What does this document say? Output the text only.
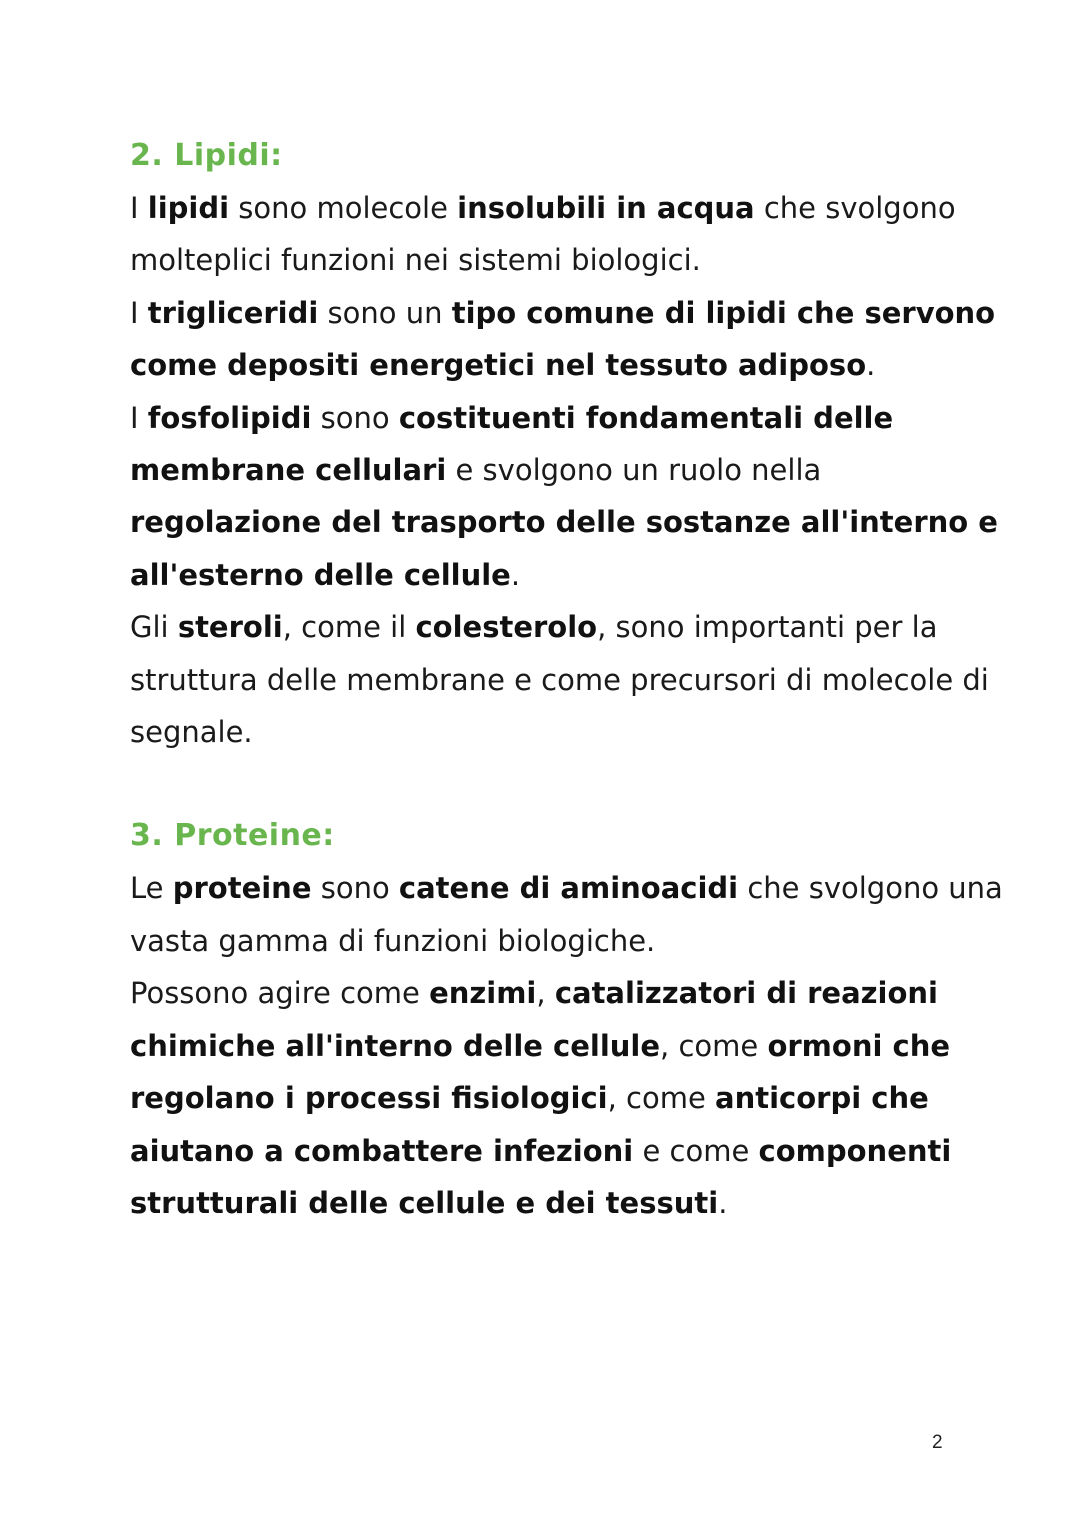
2. Lipidi:

I lipidi sono molecole insolubili in acqua che svolgono molteplici funzioni nei sistemi biologici.

I trigliceridi sono un tipo comune di lipidi che servono come depositi energetici nel tessuto adiposo.

I fosfolipidi sono costituenti fondamentali delle membrane cellulari e svolgono un ruolo nella regolazione del trasporto delle sostanze all'interno e all'esterno delle cellule.

Gli steroli, come il colesterolo, sono importanti per la struttura delle membrane e come precursori di molecole di segnale.

3. Proteine:

Le proteine sono catene di aminoacidi che svolgono una vasta gamma di funzioni biologiche.

Possono agire come enzimi, catalizzatori di reazioni chimiche all'interno delle cellule, come ormoni che regolano i processi fisiologici, come anticorpi che aiutano a combattere infezioni e come componenti strutturali delle cellule e dei tessuti.

2
